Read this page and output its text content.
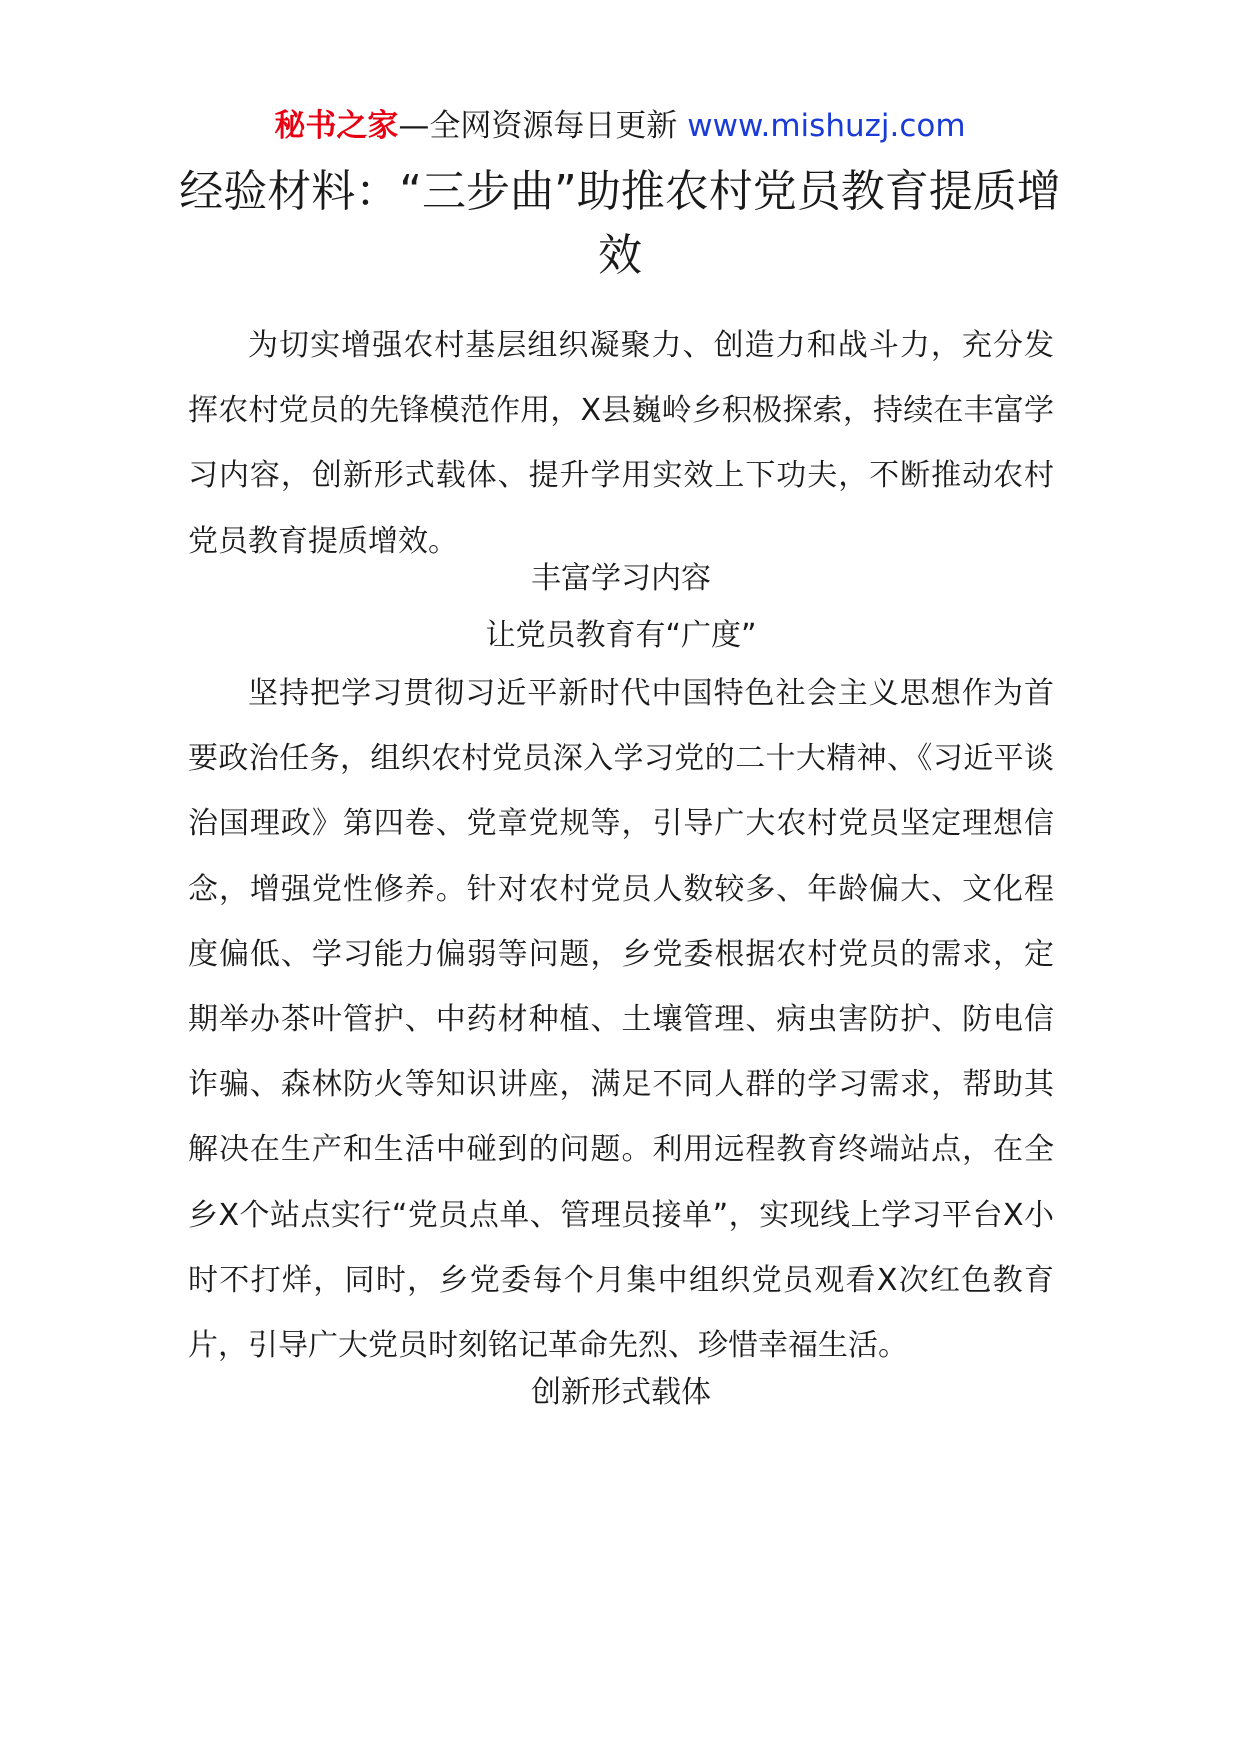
秘书之家—全网资源每日更新 www.mishuzj.com
经验材料：“三步曲”助推农村党员教育提质增效

为切实增强农村基层组织凝聚力、创造力和战斗力，充分发挥农村党员的先锋模范作用，X县巍岭乡积极探索，持续在丰富学习内容，创新形式载体、提升学用实效上下功夫，不断推动农村党员教育提质增效。

丰富学习内容
让党员教育有“广度”

坚持把学习贯彻习近平新时代中国特色社会主义思想作为首要政治任务，组织农村党员深入学习党的二十大精神、《习近平谈治国理政》第四卷、党章党规等，引导广大农村党员坚定理想信念，增强党性修养。针对农村党员人数较多、年龄偏大、文化程度偏低、学习能力偏弱等问题，乡党委根据农村党员的需求，定期举办茶叶管护、中药材种植、土壤管理、病虫害防护、防电信诈骗、森林防火等知识讲座，满足不同人群的学习需求，帮助其解决在生产和生活中碰到的问题。利用远程教育终端站点，在全乡X个站点实行“党员点单、管理员接单”，实现线上学习平台X小时不打烊，同时，乡党委每个月集中组织党员观看X次红色教育片，引导广大党员时刻铭记革命先烈、珍惜幸福生活。

创新形式载体
